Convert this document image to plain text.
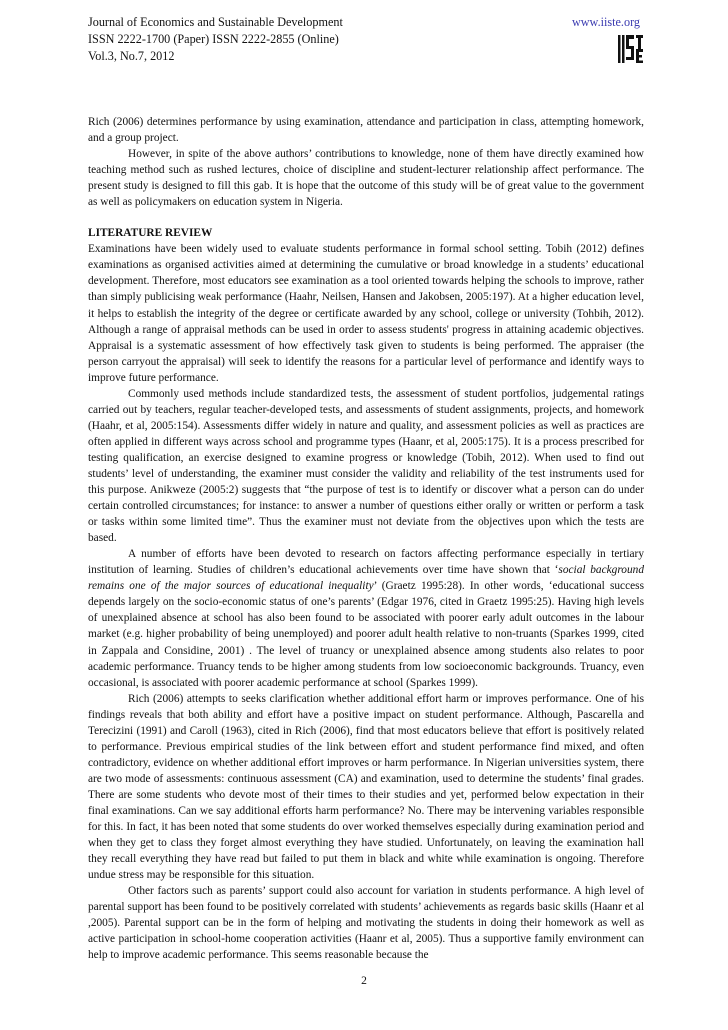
Journal of Economics and Sustainable Development
ISSN 2222-1700 (Paper) ISSN 2222-2855 (Online)
Vol.3, No.7, 2012
www.iiste.org

Rich (2006) determines performance by using examination, attendance and participation in class, attempting homework, and a group project.

However, in spite of the above authors’ contributions to knowledge, none of them have directly examined how teaching method such as rushed lectures, choice of discipline and student-lecturer relationship affect performance. The present study is designed to fill this gab. It is hope that the outcome of this study will be of great value to the government as well as policymakers on education system in Nigeria.

LITERATURE REVIEW

Examinations have been widely used to evaluate students performance in formal school setting. Tobih (2012) defines examinations as organised activities aimed at determining the cumulative or broad knowledge in a students’ educational development. Therefore, most educators see examination as a tool oriented towards helping the schools to improve, rather than simply publicising weak performance (Haahr, Neilsen, Hansen and Jakobsen, 2005:197). At a higher education level, it helps to establish the integrity of the degree or certificate awarded by any school, college or university (Tohbih, 2012). Although a range of appraisal methods can be used in order to assess students' progress in attaining academic objectives. Appraisal is a systematic assessment of how effectively task given to students is being performed. The appraiser (the person carryout the appraisal) will seek to identify the reasons for a particular level of performance and identify ways to improve future performance.

Commonly used methods include standardized tests, the assessment of student portfolios, judgemental ratings carried out by teachers, regular teacher-developed tests, and assessments of student assignments, projects, and homework (Haahr, et al, 2005:154). Assessments differ widely in nature and quality, and assessment policies as well as practices are often applied in different ways across school and programme types (Haanr, et al, 2005:175). It is a process prescribed for testing qualification, an exercise designed to examine progress or knowledge (Tobih, 2012). When used to find out students’ level of understanding, the examiner must consider the validity and reliability of the test instruments used for this purpose. Anikweze (2005:2) suggests that “the purpose of test is to identify or discover what a person can do under certain controlled circumstances; for instance: to answer a number of questions either orally or written or perform a task or tasks within some limited time”. Thus the examiner must not deviate from the objectives upon which the tests are based.

A number of efforts have been devoted to research on factors affecting performance especially in tertiary institution of learning. Studies of children’s educational achievements over time have shown that ‘social background remains one of the major sources of educational inequality’ (Graetz 1995:28). In other words, ‘educational success depends largely on the socio-economic status of one’s parents’ (Edgar 1976, cited in Graetz 1995:25). Having high levels of unexplained absence at school has also been found to be associated with poorer early adult outcomes in the labour market (e.g. higher probability of being unemployed) and poorer adult health relative to non-truants (Sparkes 1999, cited in Zappala and Considine, 2001) . The level of truancy or unexplained absence among students also relates to poor academic performance. Truancy tends to be higher among students from low socioeconomic backgrounds. Truancy, even occasional, is associated with poorer academic performance at school (Sparkes 1999).

Rich (2006) attempts to seeks clarification whether additional effort harm or improves performance. One of his findings reveals that both ability and effort have a positive impact on student performance. Although, Pascarella and Terecizini (1991) and Caroll (1963), cited in Rich (2006), find that most educators believe that effort is positively related to performance. Previous empirical studies of the link between effort and student performance find mixed, and often contradictory, evidence on whether additional effort improves or harm performance. In Nigerian universities system, there are two mode of assessments: continuous assessment (CA) and examination, used to determine the students’ final grades. There are some students who devote most of their times to their studies and yet, performed below expectation in their final examinations. Can we say additional efforts harm performance? No. There may be intervening variables responsible for this. In fact, it has been noted that some students do over worked themselves especially during examination period and when they get to class they forget almost everything they have studied. Unfortunately, on leaving the examination hall they recall everything they have read but failed to put them in black and white while examination is ongoing. Therefore undue stress may be responsible for this situation.

Other factors such as parents’ support could also account for variation in students performance. A high level of parental support has been found to be positively correlated with students’ achievements as regards basic skills (Haanr et al ,2005). Parental support can be in the form of helping and motivating the students in doing their homework as well as active participation in school-home cooperation activities (Haanr et al, 2005). Thus a supportive family environment can help to improve academic performance. This seems reasonable because the

2
